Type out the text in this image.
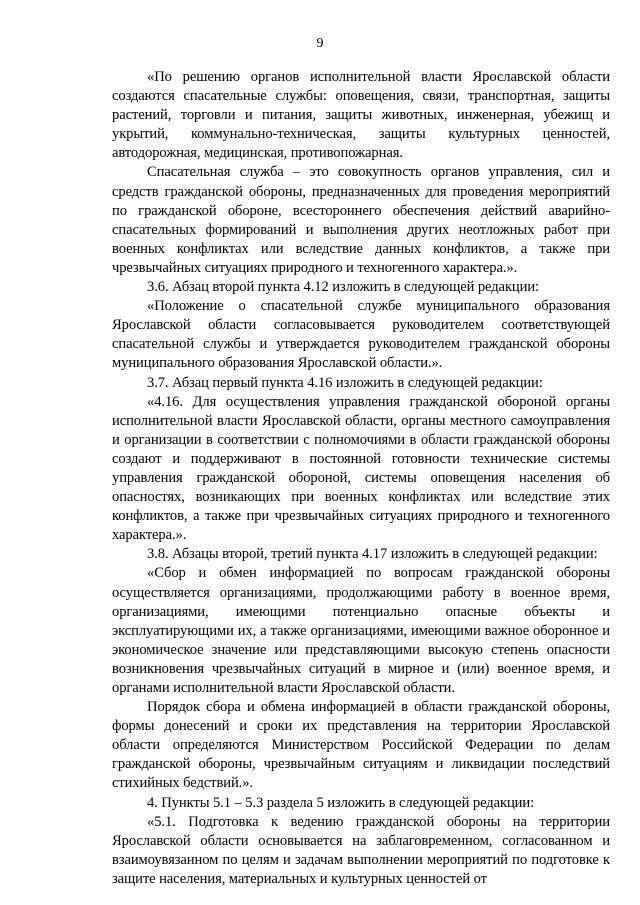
9

«По решению органов исполнительной власти Ярославской области создаются спасательные службы: оповещения, связи, транспортная, защиты растений, торговли и питания, защиты животных, инженерная, убежищ и укрытий, коммунально-техническая, защиты культурных ценностей, автодорожная, медицинская, противопожарная.

Спасательная служба – это совокупность органов управления, сил и средств гражданской обороны, предназначенных для проведения мероприятий по гражданской обороне, всестороннего обеспечения действий аварийно-спасательных формирований и выполнения других неотложных работ при военных конфликтах или вследствие данных конфликтов, а также при чрезвычайных ситуациях природного и техногенного характера.».

3.6. Абзац второй пункта 4.12 изложить в следующей редакции:

«Положение о спасательной службе муниципального образования Ярославской области согласовывается руководителем соответствующей спасательной службы и утверждается руководителем гражданской обороны муниципального образования Ярославской области.».

3.7. Абзац первый пункта 4.16 изложить в следующей редакции:

«4.16. Для осуществления управления гражданской обороной органы исполнительной власти Ярославской области, органы местного самоуправления и организации в соответствии с полномочиями в области гражданской обороны создают и поддерживают в постоянной готовности технические системы управления гражданской обороной, системы оповещения населения об опасностях, возникающих при военных конфликтах или вследствие этих конфликтов, а также при чрезвычайных ситуациях природного и техногенного характера.».

3.8. Абзацы второй, третий пункта 4.17 изложить в следующей редакции:

«Сбор и обмен информацией по вопросам гражданской обороны осуществляется организациями, продолжающими работу в военное время, организациями, имеющими потенциально опасные объекты и эксплуатирующими их, а также организациями, имеющими важное оборонное и экономическое значение или представляющими высокую степень опасности возникновения чрезвычайных ситуаций в мирное и (или) военное время, и органами исполнительной власти Ярославской области.

Порядок сбора и обмена информацией в области гражданской обороны, формы донесений и сроки их представления на территории Ярославской области определяются Министерством Российской Федерации по делам гражданской обороны, чрезвычайным ситуациям и ликвидации последствий стихийных бедствий.».

4. Пункты 5.1 – 5.3 раздела 5 изложить в следующей редакции:

«5.1. Подготовка к ведению гражданской обороны на территории Ярославской области основывается на заблаговременном, согласованном и взаимоувязанном по целям и задачам выполнении мероприятий по подготовке к защите населения, материальных и культурных ценностей от
